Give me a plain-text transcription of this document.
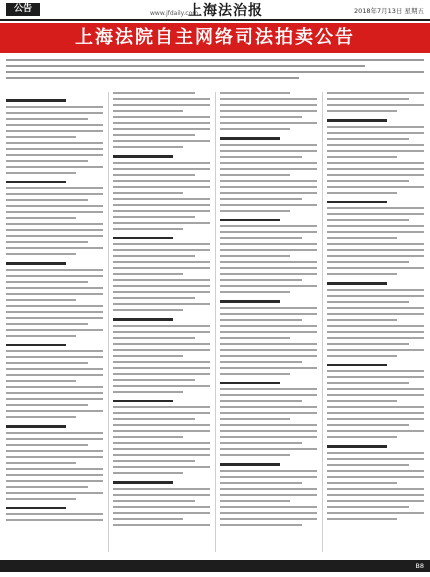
公告	www.jfdaily.com
上海法治报	2018年7月13日 星期五
上海法院自主网络司法拍卖公告
B8
